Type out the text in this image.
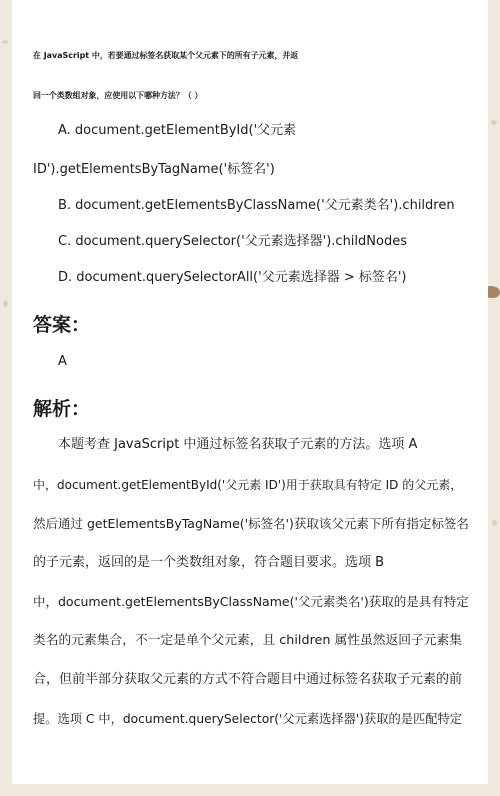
在 JavaScript 中，若要通过标签名获取某个父元素下的所有子元素，并返

回一个类数组对象，应使用以下哪种方法？（ ）

A. document.getElementById('父元素

ID').getElementsByTagName('标签名')

B. document.getElementsByClassName('父元素类名').children

C. document.querySelector('父元素选择器').childNodes

D. document.querySelectorAll('父元素选择器 > 标签名')

答案：

A

解析：

本题考查 JavaScript 中通过标签名获取子元素的方法。选项 A

中，document.getElementById('父元素 ID')用于获取具有特定 ID 的父元素，

然后通过 getElementsByTagName('标签名')获取该父元素下所有指定标签名

的子元素，返回的是一个类数组对象，符合题目要求。选项 B

中，document.getElementsByClassName('父元素类名')获取的是具有特定

类名的元素集合，不一定是单个父元素，且 children 属性虽然返回子元素集

合，但前半部分获取父元素的方式不符合题目中通过标签名获取子元素的前

提。选项 C 中，document.querySelector('父元素选择器')获取的是匹配特定
